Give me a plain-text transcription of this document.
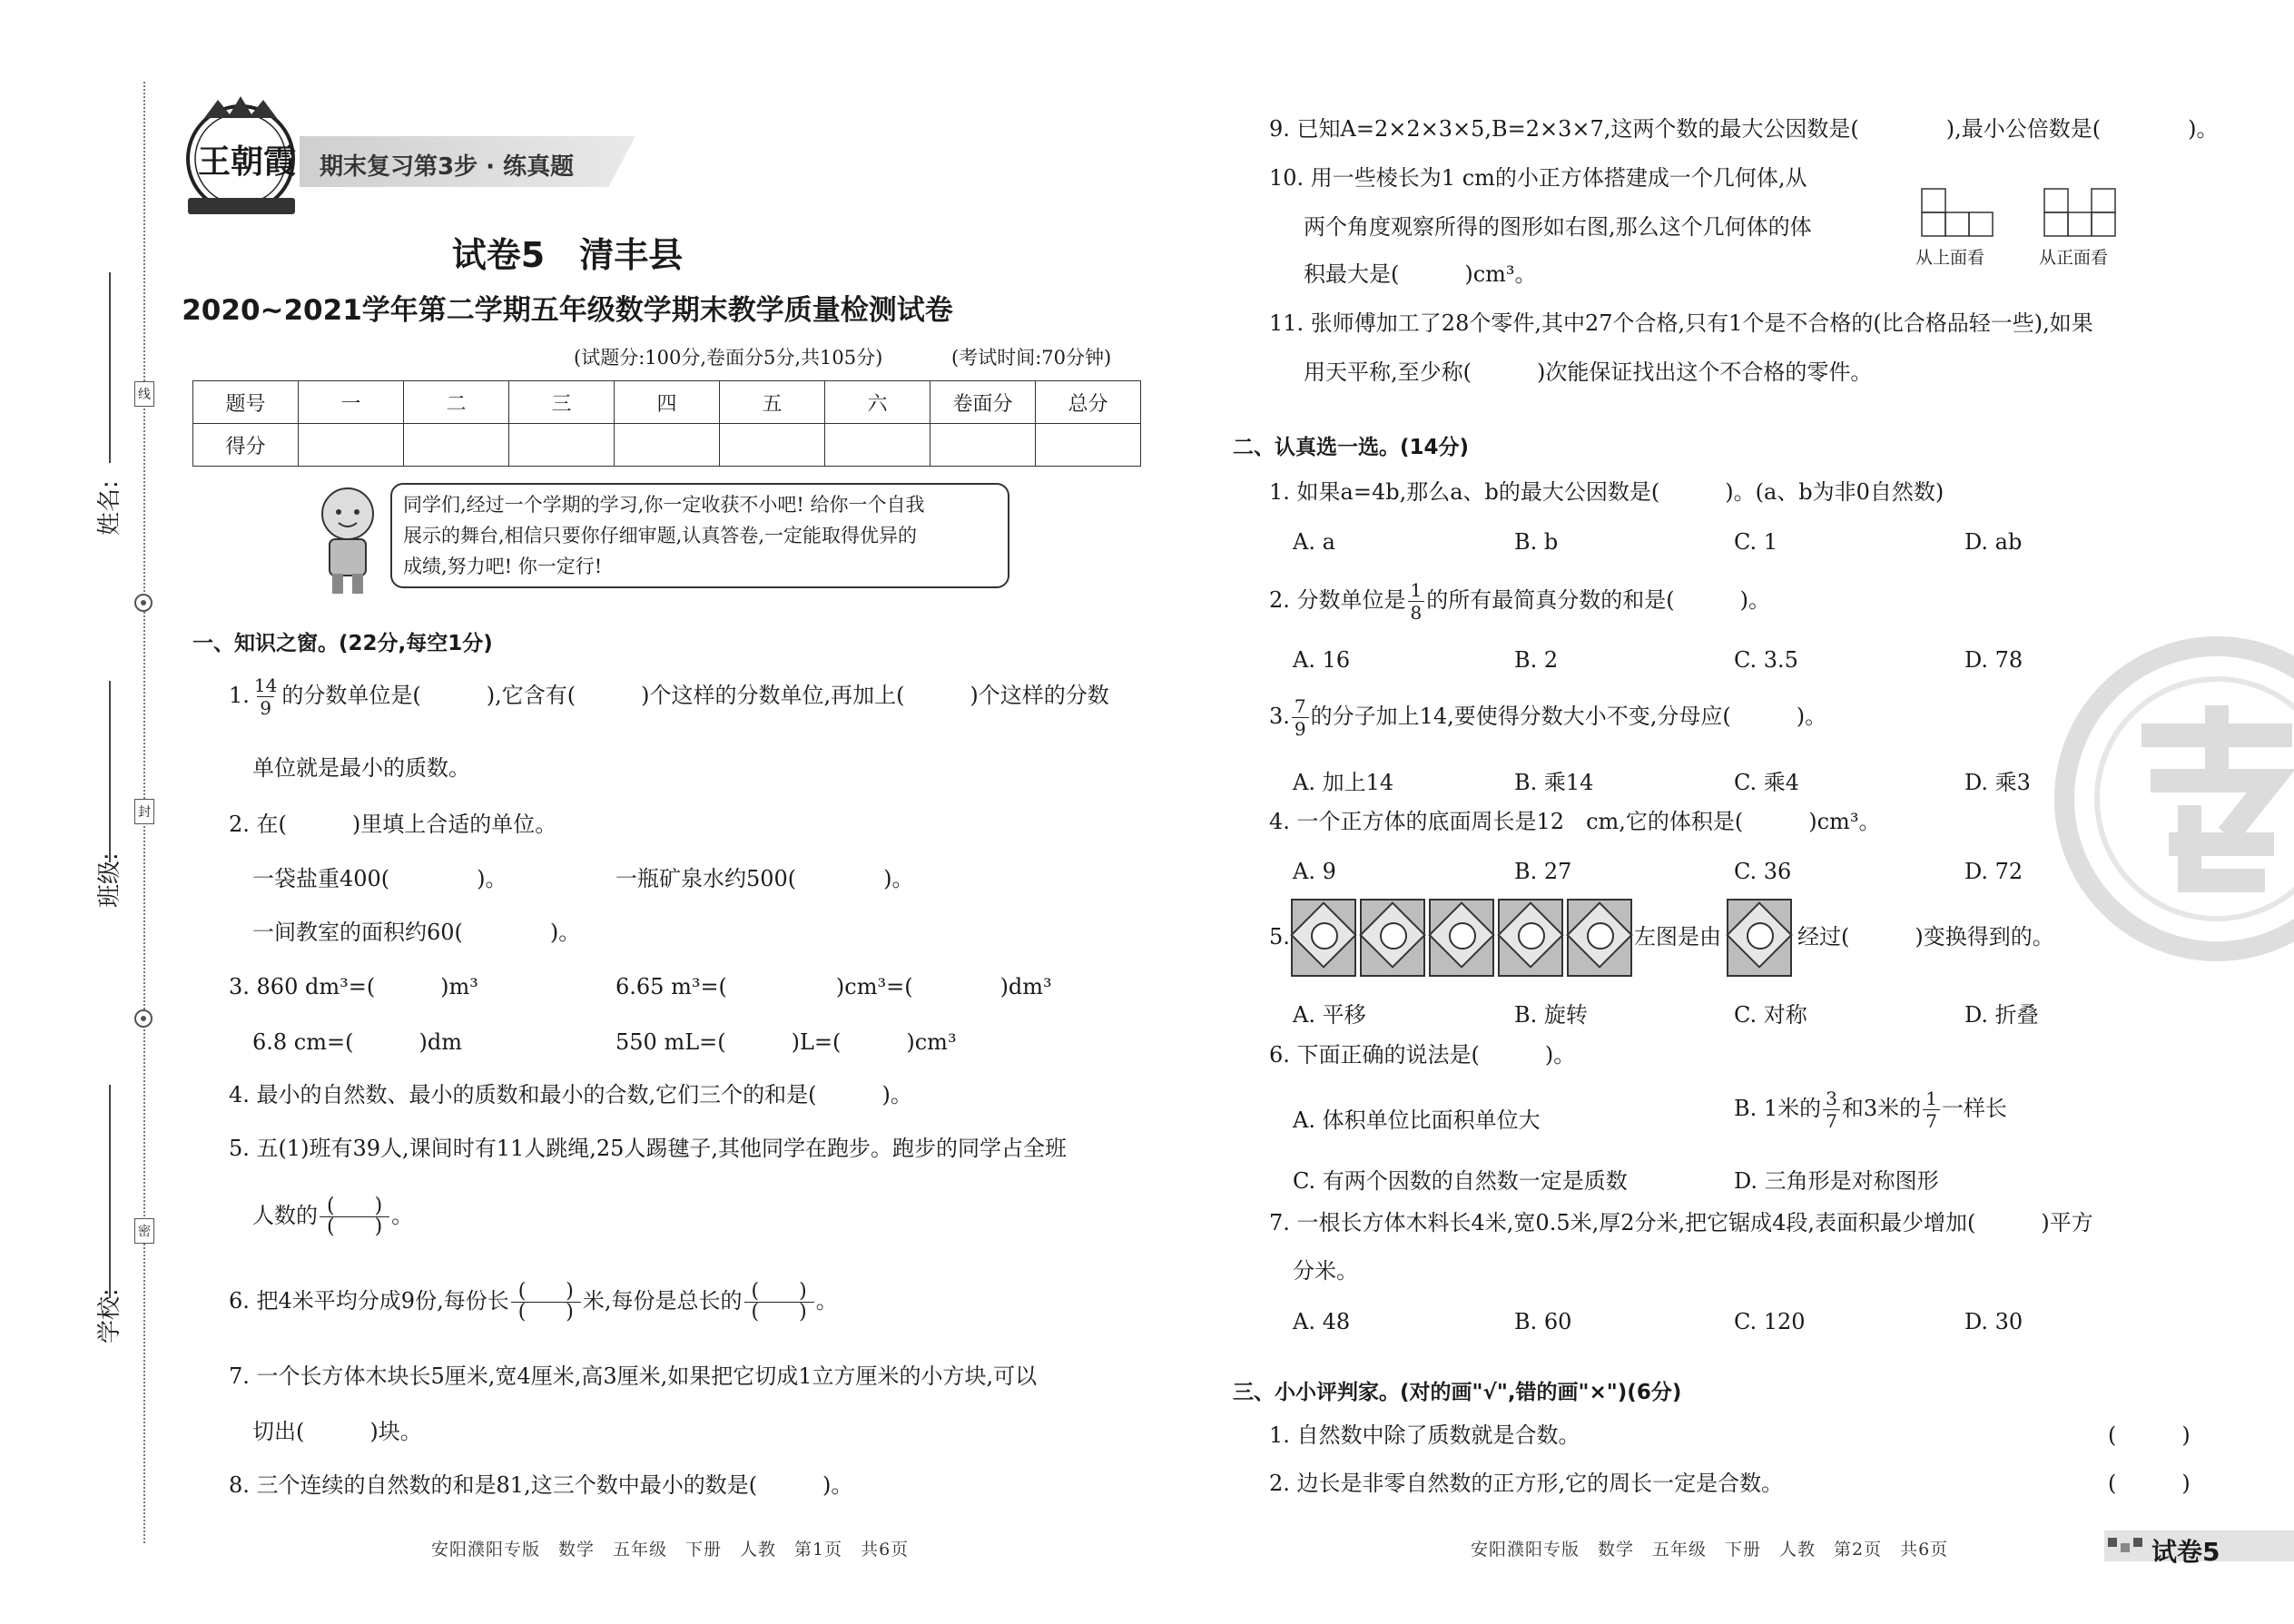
姓名:
班级:
学校:
线
封
密
王朝霞 期末复习第3步 · 练真题
试卷5　清丰县
2020~2021学年第二学期五年级数学期末教学质量检测试卷
(试题分:100分,卷面分5分,共105分)	(考试时间:70分钟)
题号	一	二	三	四	五	六	卷面分	总分
得分								
同学们,经过一个学期的学习,你一定收获不小吧! 给你一个自我
展示的舞台,相信只要你仔细审题,认真答卷,一定能取得优异的
成绩,努力吧! 你一定行!
一、知识之窗。(22分,每空1分)
1. $\frac{14}{9}$ 的分数单位是(　　　),它含有(　　　)个这样的分数单位,再加上(　　　)个这样的分数
单位就是最小的质数。
2. 在(　　　)里填上合适的单位。
一袋盐重400(　　　　)。	一瓶矿泉水约500(　　　　)。
一间教室的面积约60(　　　　)。
3. 860 dm³=(　　　)m³	6.65 m³=(　　　　　)cm³=(　　　　)dm³
6.8 cm=(　　　)dm	550 mL=(　　　)L=(　　　)cm³
4. 最小的自然数、最小的质数和最小的合数,它们三个的和是(　　　)。
5. 五(1)班有39人,课间时有11人跳绳,25人踢毽子,其他同学在跑步。跑步的同学占全班
人数的 (　　)
(　　) 。
6. 把4米平均分成9份,每份长 (　　)
(　　) 米,每份是总长的 (　　)
(　　) 。
7. 一个长方体木块长5厘米,宽4厘米,高3厘米,如果把它切成1立方厘米的小方块,可以
切出(　　　)块。
8. 三个连续的自然数的和是81,这三个数中最小的数是(　　　)。
安阳濮阳专版　数学　五年级　下册　人教　第1页　共6页
9. 已知A=2×2×3×5,B=2×3×7,这两个数的最大公因数是(　　　　),最小公倍数是(　　　　)。
10. 用一些棱长为1 cm的小正方体搭建成一个几何体,从
两个角度观察所得的图形如右图,那么这个几何体的体
积最大是(　　　)cm³。
从上面看	从正面看
11. 张师傅加工了28个零件,其中27个合格,只有1个是不合格的(比合格品轻一些),如果
用天平称,至少称(　　　)次能保证找出这个不合格的零件。
二、认真选一选。(14分)
1. 如果a=4b,那么a、b的最大公因数是(　　　)。(a、b为非0自然数)
A. a	B. b	C. 1	D. ab
2. 分数单位是 $\frac{1}{8}$ 的所有最简真分数的和是(　　　)。
A. 16	B. 2	C. 3.5	D. 78
3. $\frac{7}{9}$ 的分子加上14,要使得分数大小不变,分母应(　　　)。
A. 加上14	B. 乘14	C. 乘4	D. 乘3
4. 一个正方体的底面周长是12　cm,它的体积是(　　　)cm³。
A. 9	B. 27	C. 36	D. 72
5.	左图是由	经过(　　　)变换得到的。
A. 平移	B. 旋转	C. 对称	D. 折叠
6. 下面正确的说法是(　　　)。
A. 体积单位比面积单位大	B. 1米的 $\frac{3}{7}$ 和3米的 $\frac{1}{7}$ 一样长
C. 有两个因数的自然数一定是质数	D. 三角形是对称图形
7. 一根长方体木料长4米,宽0.5米,厚2分米,把它锯成4段,表面积最少增加(　　　)平方
分米。
A. 48	B. 60	C. 120	D. 30
三、小小评判家。(对的画"√",错的画"×")(6分)
1. 自然数中除了质数就是合数。	(　　　)
2. 边长是非零自然数的正方形,它的周长一定是合数。	(　　　)
安阳濮阳专版　数学　五年级　下册　人教　第2页　共6页	试卷5
